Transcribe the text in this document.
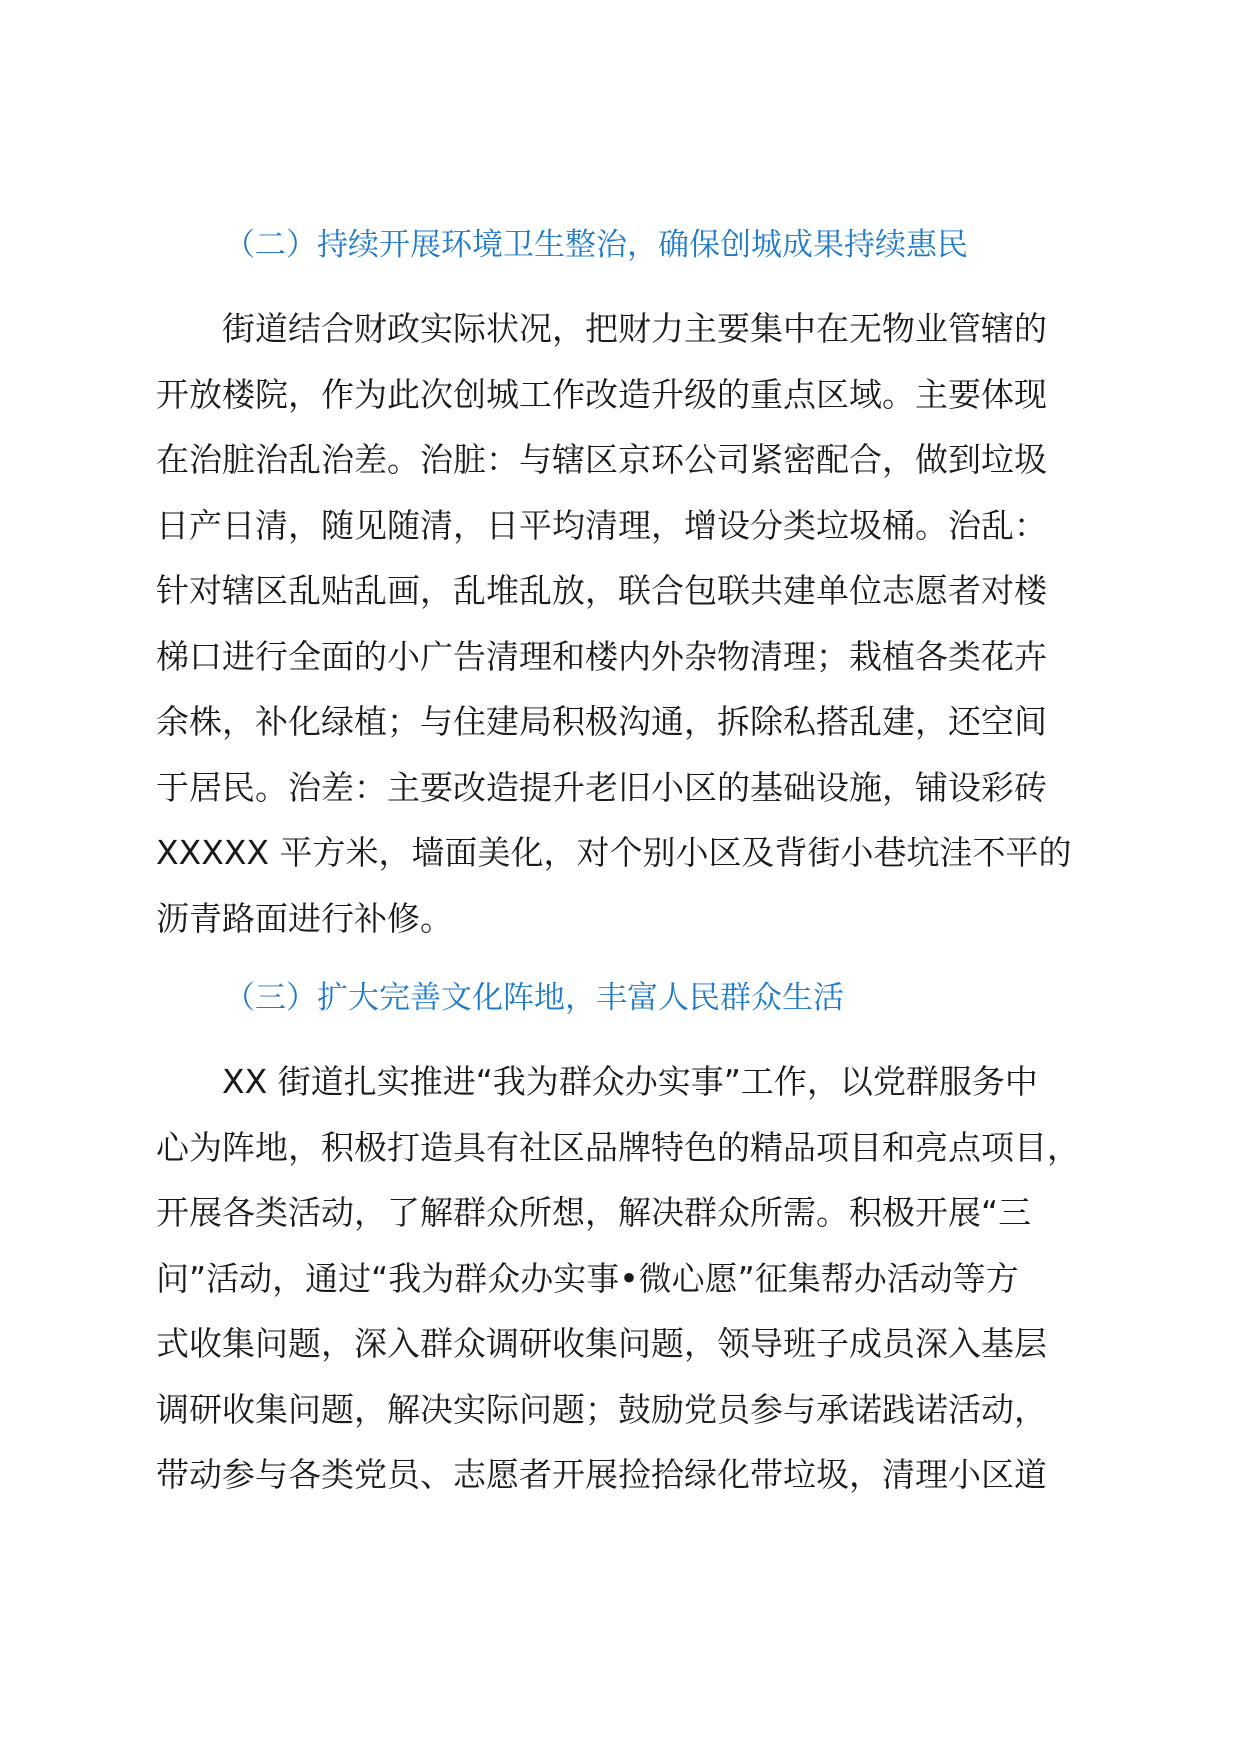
（二）持续开展环境卫生整治，确保创城成果持续惠民
街道结合财政实际状况，把财力主要集中在无物业管辖的
开放楼院，作为此次创城工作改造升级的重点区域。主要体现
在治脏治乱治差。治脏：与辖区京环公司紧密配合，做到垃圾
日产日清，随见随清，日平均清理，增设分类垃圾桶。治乱：
针对辖区乱贴乱画，乱堆乱放，联合包联共建单位志愿者对楼
梯口进行全面的小广告清理和楼内外杂物清理；栽植各类花卉
余株，补化绿植；与住建局积极沟通，拆除私搭乱建，还空间
于居民。治差：主要改造提升老旧小区的基础设施，铺设彩砖
XXXXX 平方米，墙面美化，对个别小区及背街小巷坑洼不平的
沥青路面进行补修。
（三）扩大完善文化阵地，丰富人民群众生活
XX 街道扎实推进“我为群众办实事”工作，以党群服务中
心为阵地，积极打造具有社区品牌特色的精品项目和亮点项目，
开展各类活动，了解群众所想，解决群众所需。积极开展“三
问”活动，通过“我为群众办实事•微心愿”征集帮办活动等方
式收集问题，深入群众调研收集问题，领导班子成员深入基层
调研收集问题，解决实际问题；鼓励党员参与承诺践诺活动，
带动参与各类党员、志愿者开展捡拾绿化带垃圾，清理小区道
